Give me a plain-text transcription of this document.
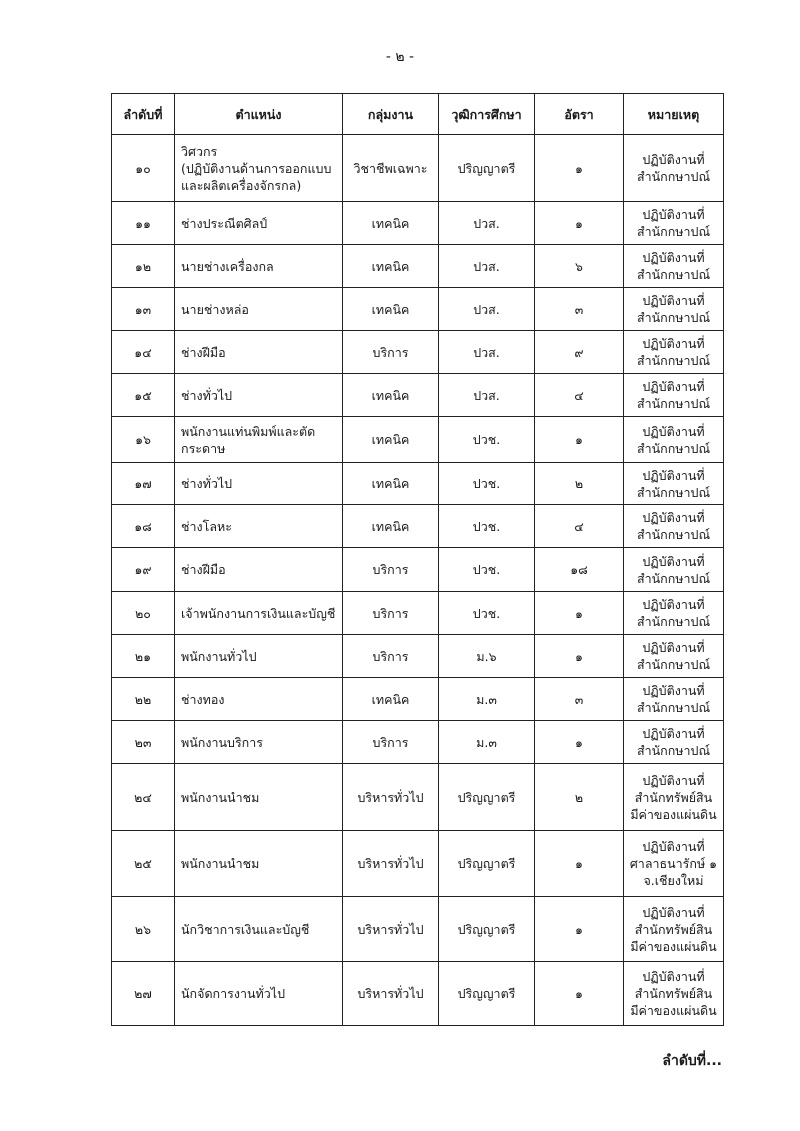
- ๒ -
ลำดับที่	ตำแหน่ง	กลุ่มงาน	วุฒิการศึกษา	อัตรา	หมายเหตุ
๑๐	วิศวกร
(ปฏิบัติงานด้านการออกแบบ
และผลิตเครื่องจักรกล)	วิชาชีพเฉพาะ	ปริญญาตรี	๑	ปฏิบัติงานที่
สำนักกษาปณ์
๑๑	ช่างประณีตศิลป์	เทคนิค	ปวส.	๑	ปฏิบัติงานที่
สำนักกษาปณ์
๑๒	นายช่างเครื่องกล	เทคนิค	ปวส.	๖	ปฏิบัติงานที่
สำนักกษาปณ์
๑๓	นายช่างหล่อ	เทคนิค	ปวส.	๓	ปฏิบัติงานที่
สำนักกษาปณ์
๑๔	ช่างฝีมือ	บริการ	ปวส.	๙	ปฏิบัติงานที่
สำนักกษาปณ์
๑๕	ช่างทั่วไป	เทคนิค	ปวส.	๔	ปฏิบัติงานที่
สำนักกษาปณ์
๑๖	พนักงานแท่นพิมพ์และตัด
กระดาษ	เทคนิค	ปวช.	๑	ปฏิบัติงานที่
สำนักกษาปณ์
๑๗	ช่างทั่วไป	เทคนิค	ปวช.	๒	ปฏิบัติงานที่
สำนักกษาปณ์
๑๘	ช่างโลหะ	เทคนิค	ปวช.	๔	ปฏิบัติงานที่
สำนักกษาปณ์
๑๙	ช่างฝีมือ	บริการ	ปวช.	๑๘	ปฏิบัติงานที่
สำนักกษาปณ์
๒๐	เจ้าพนักงานการเงินและบัญชี	บริการ	ปวช.	๑	ปฏิบัติงานที่
สำนักกษาปณ์
๒๑	พนักงานทั่วไป	บริการ	ม.๖	๑	ปฏิบัติงานที่
สำนักกษาปณ์
๒๒	ช่างทอง	เทคนิค	ม.๓	๓	ปฏิบัติงานที่
สำนักกษาปณ์
๒๓	พนักงานบริการ	บริการ	ม.๓	๑	ปฏิบัติงานที่
สำนักกษาปณ์
๒๔	พนักงานนำชม	บริหารทั่วไป	ปริญญาตรี	๒	ปฏิบัติงานที่
สำนักทรัพย์สิน
มีค่าของแผ่นดิน
๒๕	พนักงานนำชม	บริหารทั่วไป	ปริญญาตรี	๑	ปฏิบัติงานที่
ศาลาธนารักษ์ ๑
จ.เชียงใหม่
๒๖	นักวิชาการเงินและบัญชี	บริหารทั่วไป	ปริญญาตรี	๑	ปฏิบัติงานที่
สำนักทรัพย์สิน
มีค่าของแผ่นดิน
๒๗	นักจัดการงานทั่วไป	บริหารทั่วไป	ปริญญาตรี	๑	ปฏิบัติงานที่
สำนักทรัพย์สิน
มีค่าของแผ่นดิน
ลำดับที่...
